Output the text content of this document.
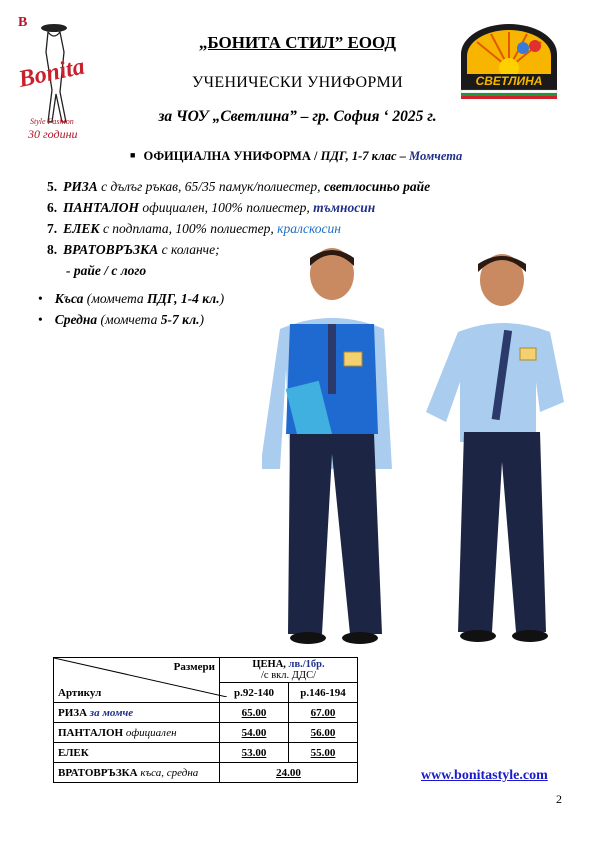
B
Bonita
Style Fashion
30 години
СВЕТЛИНА
„БОНИТА СТИЛ” ЕООД
УЧЕНИЧЕСКИ УНИФОРМИ
за ЧОУ „Светлина” – гр. София ‘ 2025 г.
■ ОФИЦИАЛНА УНИФОРМА / ПДГ, 1-7 клас – Момчета
5. РИЗА с дълъг ръкав, 65/35 памук/полиестер, светлосиньо райе
6. ПАНТАЛОН официален, 100% полиестер, тъмносин
7. ЕЛЕК с подплата, 100% полиестер, кралскосин
8. ВРАТОВРЪЗКА с коланче;
- райе / с лого
• Къса (момчета ПДГ, 1-4 кл.)
• Средна (момчета 5-7 кл.)
Размери
Артикул	ЦЕНА, лв./1бр.
/с вкл. ДДС/	
	р.92-140	р.146-194
РИЗА за момче	65.00	67.00
ПАНТАЛОН официален	54.00	56.00
ЕЛЕК	53.00	55.00
ВРАТОВРЪЗКА къса, средна	24.00		www.bonitastyle.com
2
